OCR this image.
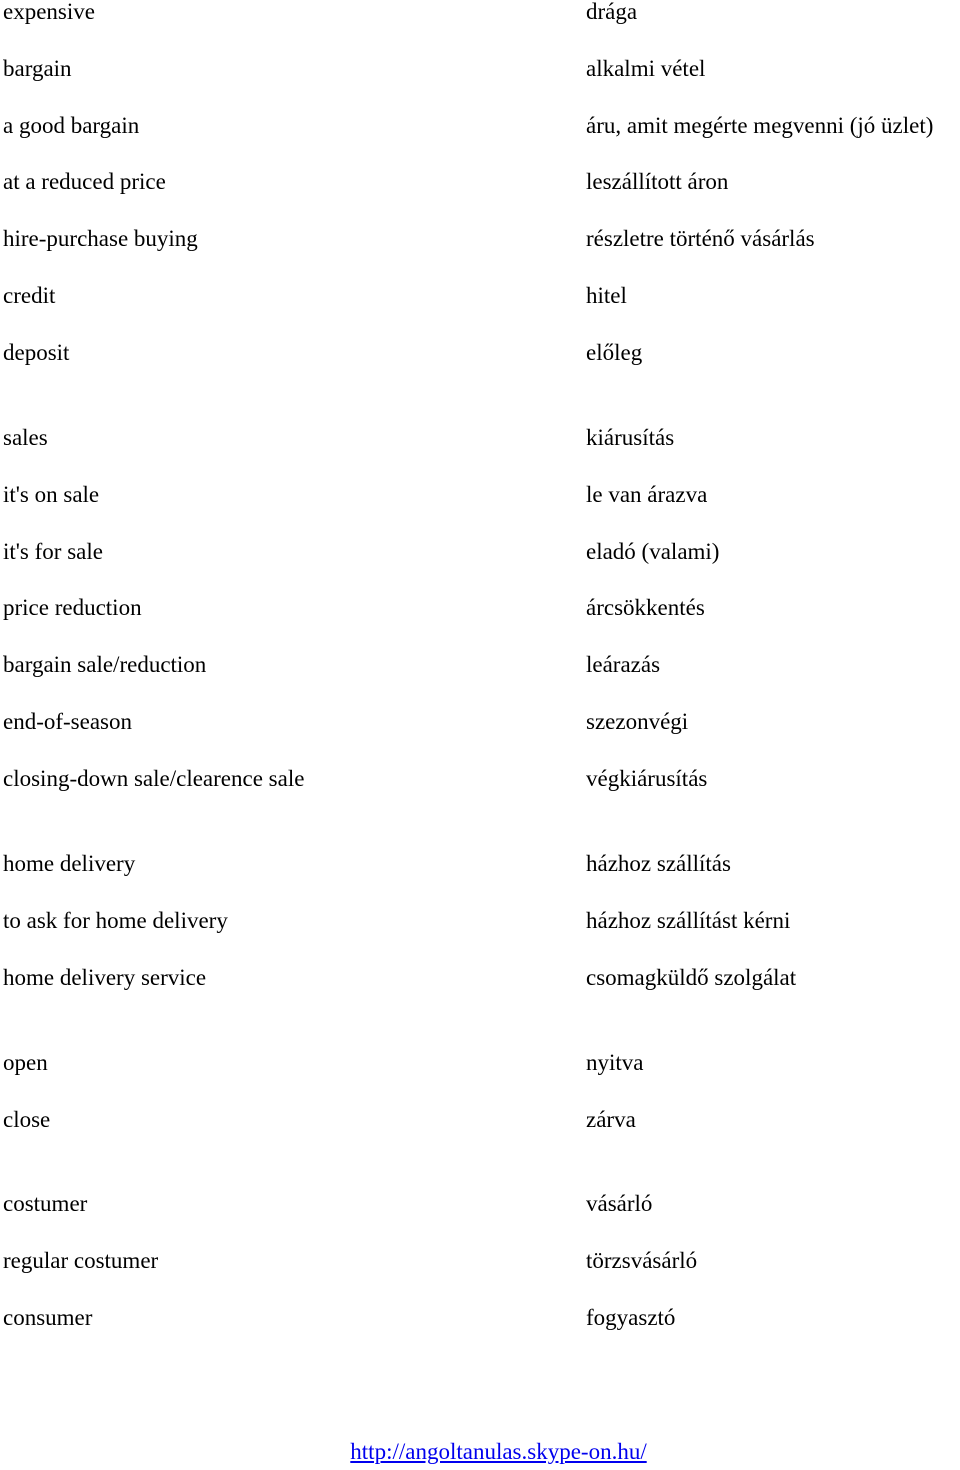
expensive	drága
bargain	alkalmi vétel
a good bargain	áru, amit megérte megvenni (jó üzlet)
at a reduced price	leszállított áron
hire-purchase buying	részletre történő vásárlás
credit	hitel
deposit	előleg
sales	kiárusítás
it's on sale	le van árazva
it's for sale	eladó (valami)
price reduction	árcsökkentés
bargain sale/reduction	leárazás
end-of-season	szezonvégi
closing-down sale/clearence sale	végkiárusítás
home delivery	házhoz szállítás
to ask for home delivery	házhoz szállítást kérni
home delivery service	csomagküldő szolgálat
open	nyitva
close	zárva
costumer	vásárló
regular costumer	törzsvásárló
consumer	fogyasztó
http://angoltanulas.skype-on.hu/
